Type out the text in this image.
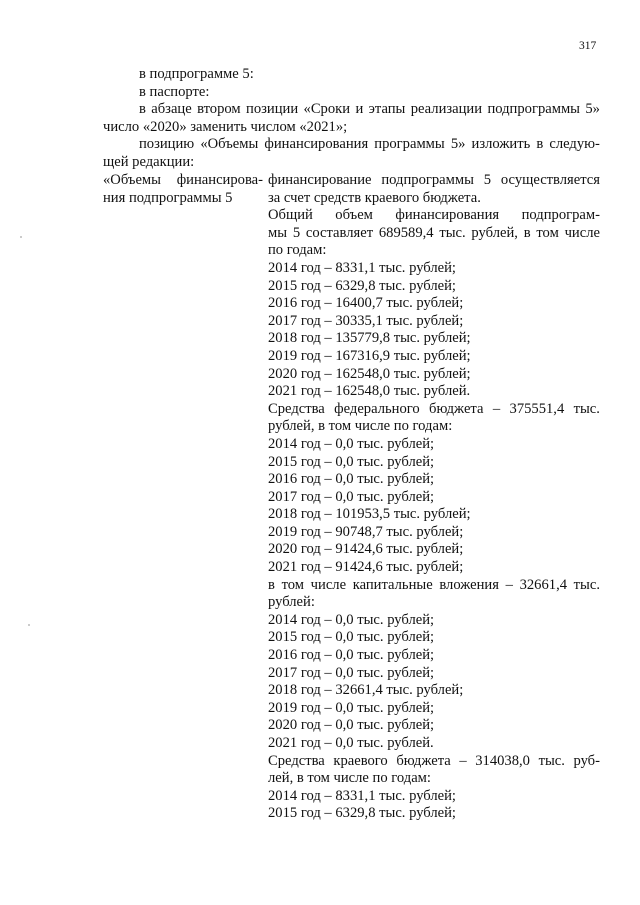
317
в подпрограмме 5:
в паспорте:
в абзаце втором позиции «Сроки и этапы реализации подпрограммы 5»
число «2020» заменить числом «2021»;
позицию «Объемы финансирования программы 5» изложить в следую-
щей редакции:
«Объемы финансирова-
ния подпрограммы 5
финансирование подпрограммы 5 осуществляется
за счет средств краевого бюджета.
Общий объем финансирования подпрограм-
мы 5 составляет 689589,4 тыс. рублей, в том числе
по годам:
2014 год – 8331,1 тыс. рублей;
2015 год – 6329,8 тыс. рублей;
2016 год – 16400,7 тыс. рублей;
2017 год – 30335,1 тыс. рублей;
2018 год – 135779,8 тыс. рублей;
2019 год – 167316,9 тыс. рублей;
2020 год – 162548,0 тыс. рублей;
2021 год – 162548,0 тыс. рублей.
Средства федерального бюджета – 375551,4 тыс.
рублей, в том числе по годам:
2014 год – 0,0 тыс. рублей;
2015 год – 0,0 тыс. рублей;
2016 год – 0,0 тыс. рублей;
2017 год – 0,0 тыс. рублей;
2018 год – 101953,5 тыс. рублей;
2019 год – 90748,7 тыс. рублей;
2020 год – 91424,6 тыс. рублей;
2021 год – 91424,6 тыс. рублей;
в том числе капитальные вложения – 32661,4 тыс.
рублей:
2014 год – 0,0 тыс. рублей;
2015 год – 0,0 тыс. рублей;
2016 год – 0,0 тыс. рублей;
2017 год – 0,0 тыс. рублей;
2018 год – 32661,4 тыс. рублей;
2019 год – 0,0 тыс. рублей;
2020 год – 0,0 тыс. рублей;
2021 год – 0,0 тыс. рублей.
Средства краевого бюджета – 314038,0 тыс. руб-
лей, в том числе по годам:
2014 год – 8331,1 тыс. рублей;
2015 год – 6329,8 тыс. рублей;
